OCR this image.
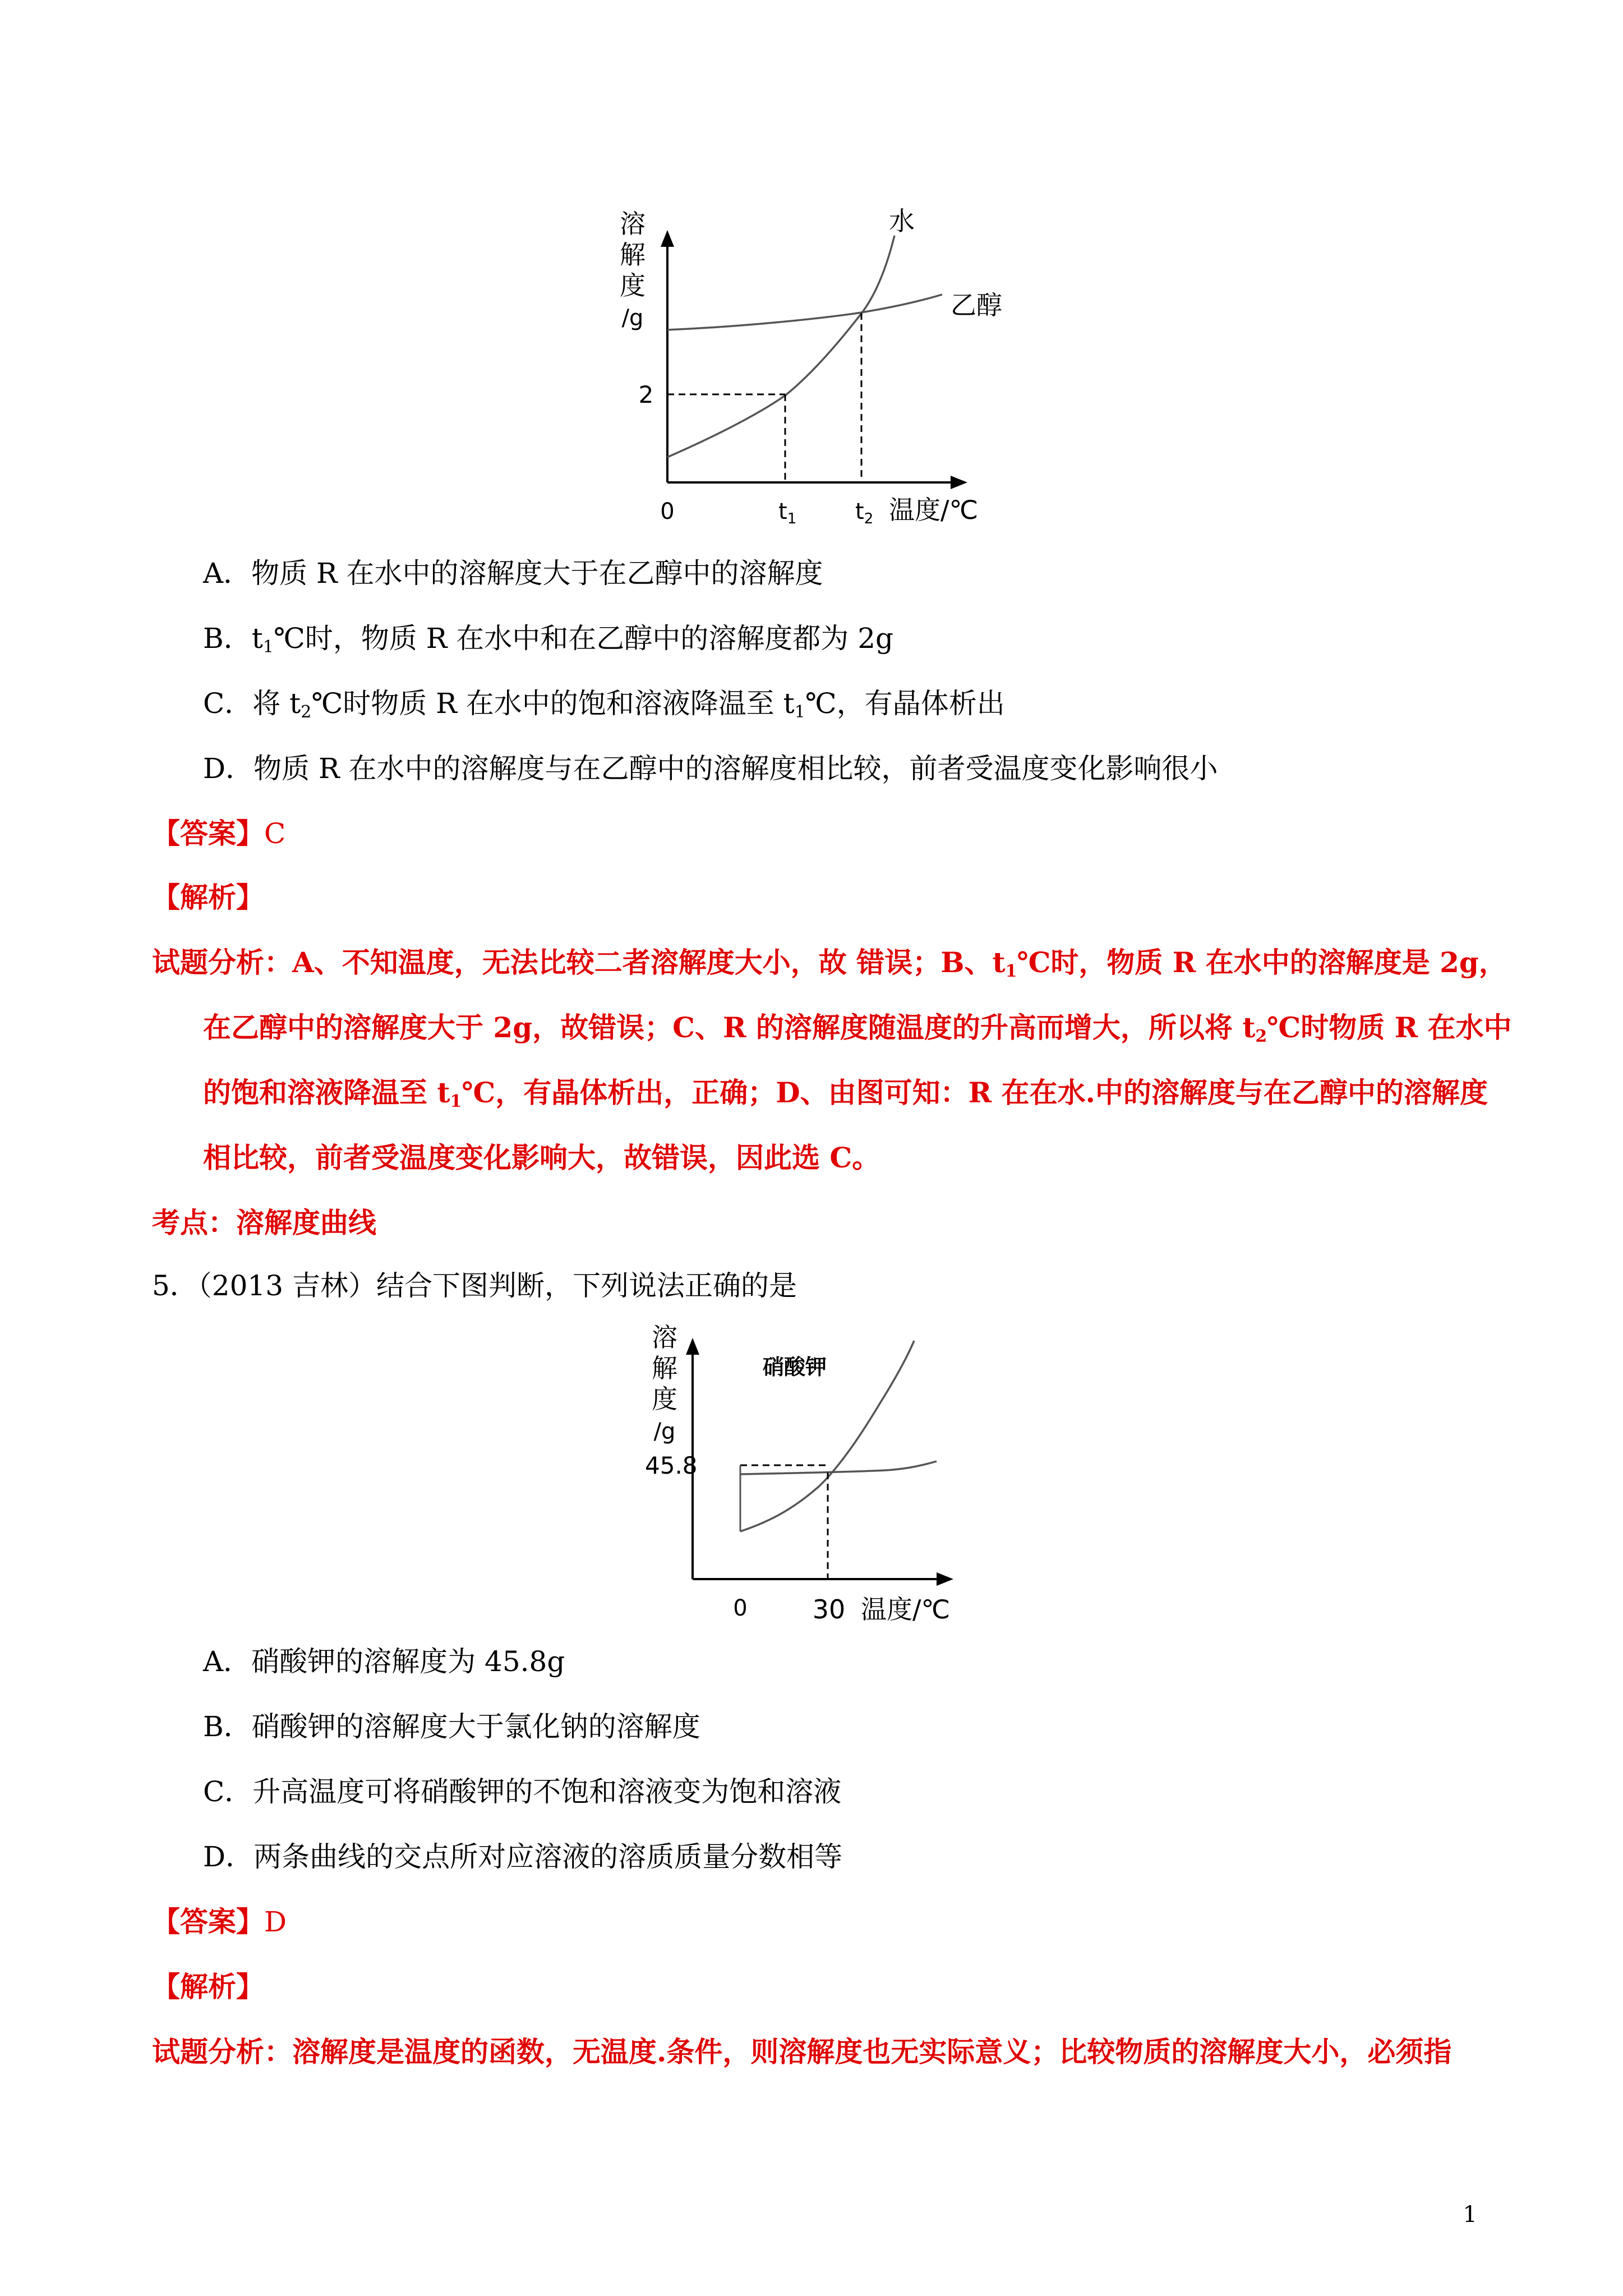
溶
解
度
/g
2
0	$t_1$	$t_2$ 温度/℃
水
乙醇
A．物质 R 在水中的溶解度大于在乙醇中的溶解度
B．$t_1℃$时，物质 R 在水中和在乙醇中的溶解度都为 2g
C．将 $t_2℃$时物质 R 在水中的饱和溶液降温至 $t_1℃$，有晶体析出
D．物质 R 在水中的溶解度与在乙醇中的溶解度相比较，前者受温度变化影响很小
【答案】C
【解析】
试题分析：A、不知温度，无法比较二者溶解度大小，故 错误；B、$t_1℃$时，物质 R 在水中的溶解度是 2g，
在乙醇中的溶解度大于 2g，故错误；C、R 的溶解度随温度的升高而增大，所以将 $t_2℃$时物质 R 在水中
的饱和溶液降温至 $t_1℃$，有晶体析出，正确；D、由图可知：R 在在水.中的溶解度与在乙醇中的溶解度
相比较，前者受温度变化影响大，故错误，因此选 C。
考点：溶解度曲线
5．（2013 吉林）结合下图判断，下列说法正确的是
溶
解
度
/g
45.8
0	30 温度/℃
硝酸钾
A．硝酸钾的溶解度为 45.8g
B．硝酸钾的溶解度大于氯化钠的溶解度
C．升高温度可将硝酸钾的不饱和溶液变为饱和溶液
D．两条曲线的交点所对应溶液的溶质质量分数相等
【答案】D
【解析】
试题分析：溶解度是温度的函数，无温度.条件，则溶解度也无实际意义；比较物质的溶解度大小，必须指
1
